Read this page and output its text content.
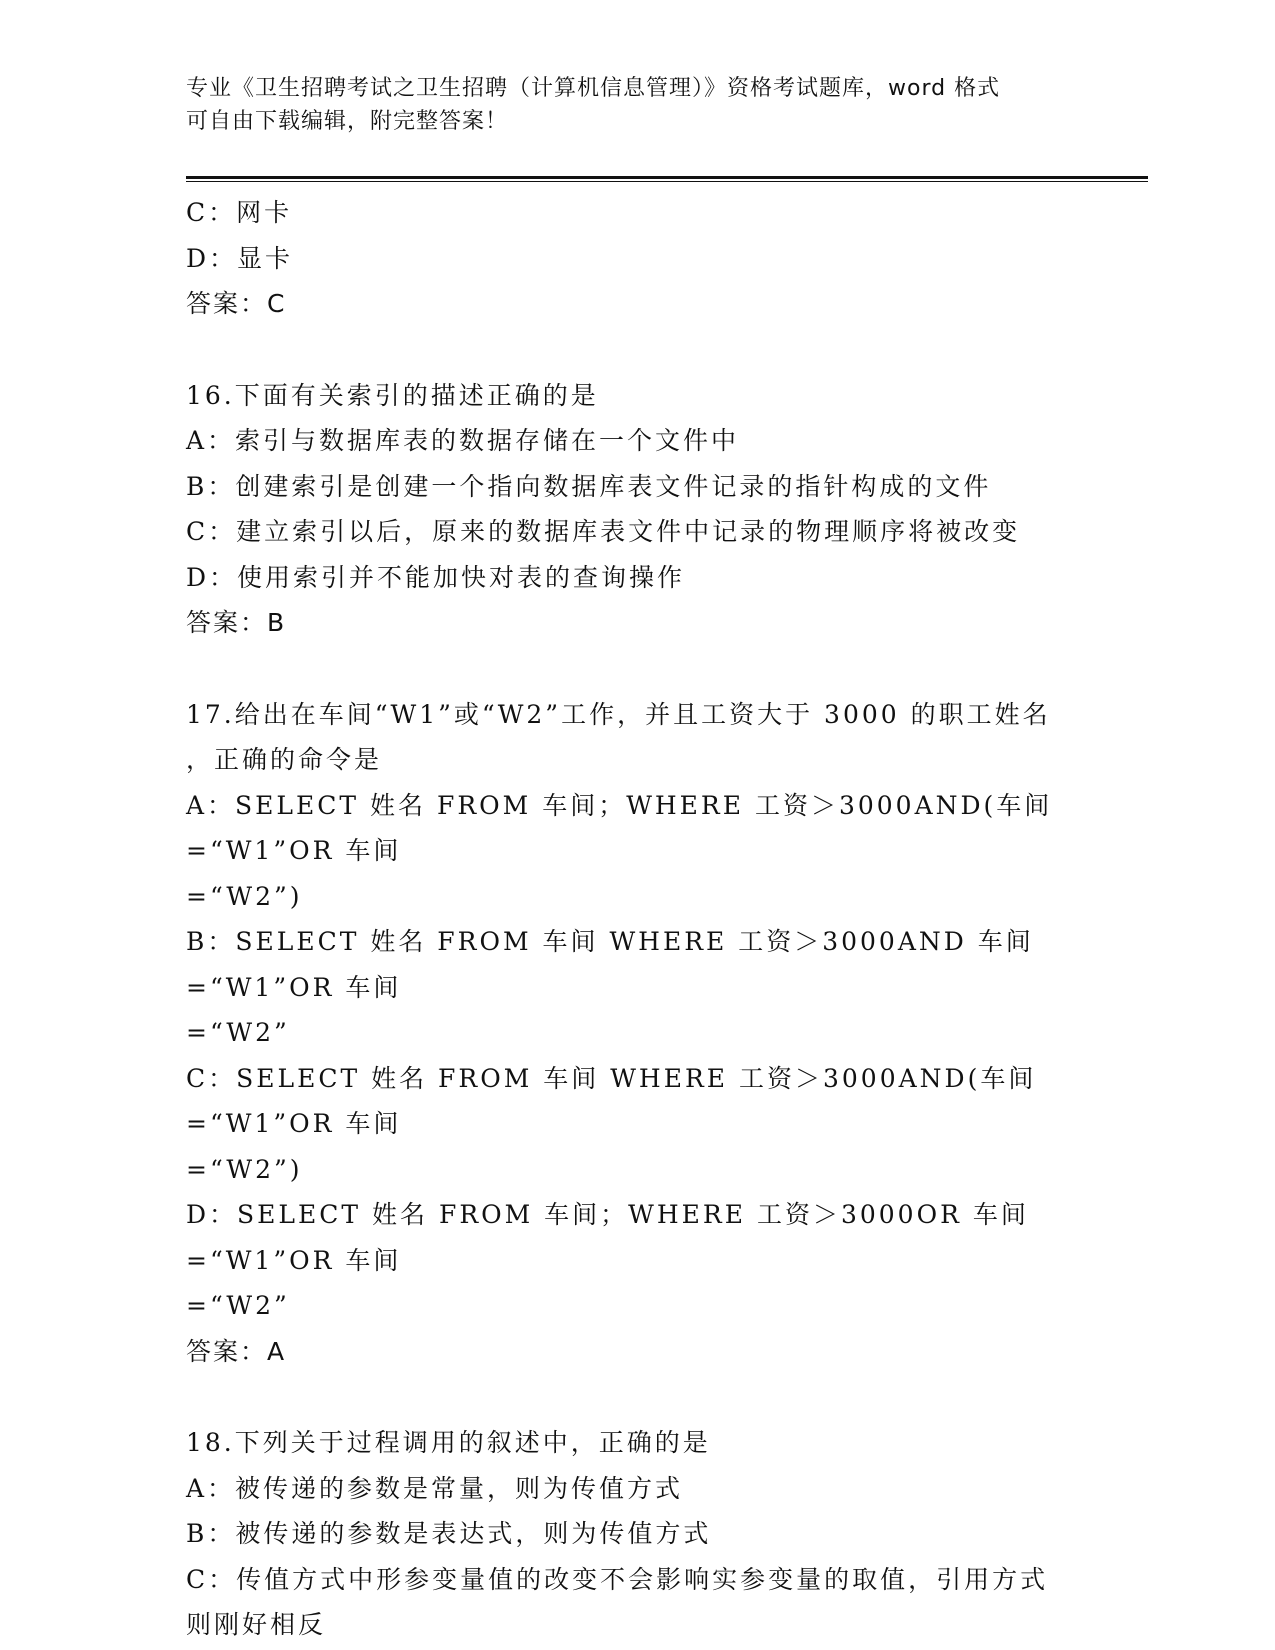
专业《卫生招聘考试之卫生招聘（计算机信息管理）》资格考试题库，word 格式
可自由下载编辑，附完整答案！
C：网卡
D：显卡
答案：C
16.下面有关索引的描述正确的是
A：索引与数据库表的数据存储在一个文件中
B：创建索引是创建一个指向数据库表文件记录的指针构成的文件
C：建立索引以后，原来的数据库表文件中记录的物理顺序将被改变
D：使用索引并不能加快对表的查询操作
答案：B
17.给出在车间“W1”或“W2”工作，并且工资大于 3000 的职工姓名
，正确的命令是
A：SELECT 姓名 FROM 车间；WHERE 工资＞3000AND(车间=“W1”OR 车间
=“W2”)
B：SELECT 姓名 FROM 车间 WHERE 工资＞3000AND 车间=“W1”OR 车间
=“W2”
C：SELECT 姓名 FROM 车间 WHERE 工资＞3000AND(车间=“W1”OR 车间
=“W2”)
D：SELECT 姓名 FROM 车间；WHERE 工资＞3000OR 车间=“W1”OR 车间
=“W2”
答案：A
18.下列关于过程调用的叙述中，正确的是
A：被传递的参数是常量，则为传值方式
B：被传递的参数是表达式，则为传值方式
C：传值方式中形参变量值的改变不会影响实参变量的取值，引用方式
则刚好相反
